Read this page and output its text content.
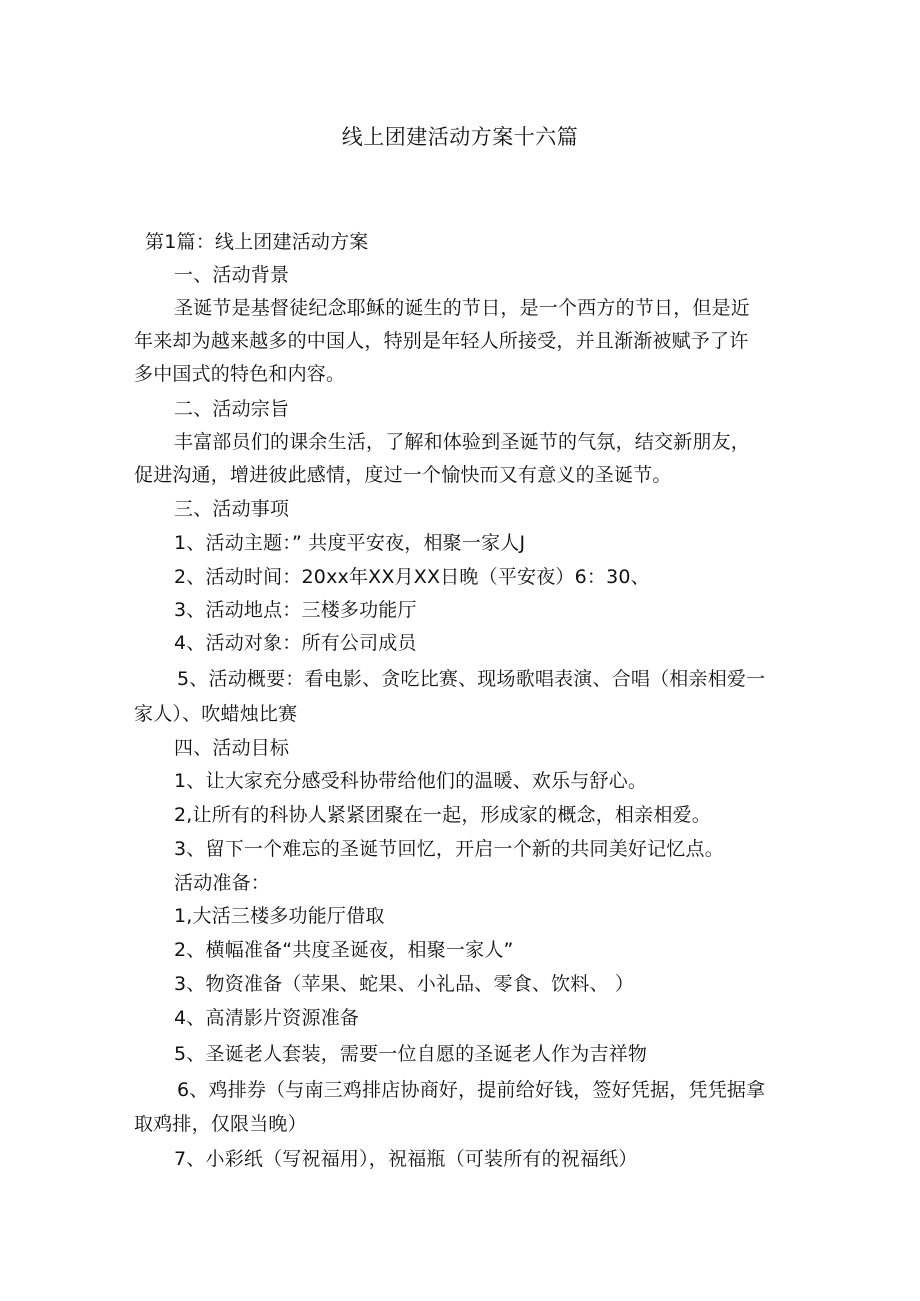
线上团建活动方案十六篇
第1篇：线上团建活动方案
一、活动背景
圣诞节是基督徒纪念耶稣的诞生的节日，是一个西方的节日，但是近
年来却为越来越多的中国人，特别是年轻人所接受，并且渐渐被赋予了许
多中国式的特色和内容。
二、活动宗旨
丰富部员们的课余生活，了解和体验到圣诞节的气氛，结交新朋友，
促进沟通，增进彼此感情，度过一个愉快而又有意义的圣诞节。
三、活动事项
1、活动主题：” 共度平安夜，相聚一家人J
2、活动时间：20xx年XX月XX日晚（平安夜）6：30、
3、活动地点：三楼多功能厅
4、活动对象：所有公司成员
5、活动概要：看电影、贪吃比赛、现场歌唱表演、合唱（相亲相爱一
家人）、吹蜡烛比赛
四、活动目标
1、让大家充分感受科协带给他们的温暖、欢乐与舒心。
2,让所有的科协人紧紧团聚在一起，形成家的概念，相亲相爱。
3、留下一个难忘的圣诞节回忆，开启一个新的共同美好记忆点。
活动准备：
1,大活三楼多功能厅借取
2、横幅准备“共度圣诞夜，相聚一家人”
3、物资准备（苹果、蛇果、小礼品、零食、饮料、 ）
4、高清影片资源准备
5、圣诞老人套装，需要一位自愿的圣诞老人作为吉祥物
6、鸡排券（与南三鸡排店协商好，提前给好钱，签好凭据，凭凭据拿
取鸡排，仅限当晚）
7、小彩纸（写祝福用），祝福瓶（可装所有的祝福纸）
